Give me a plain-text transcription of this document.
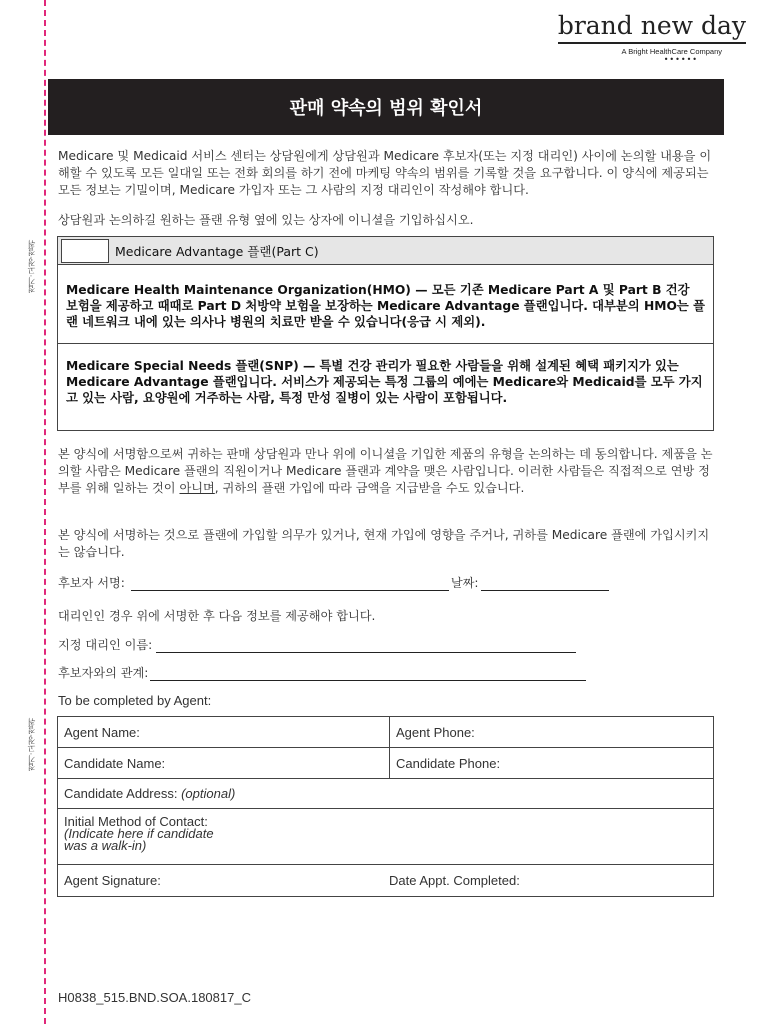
접기·고정·절취
접기·고정·절취
brand new day
A Bright HealthCare Company
••••••
판매 약속의 범위 확인서
Medicare 및 Medicaid 서비스 센터는 상담원에게 상담원과 Medicare 후보자(또는 지정 대리인) 사이에 논의할 내용을 이해할 수 있도록 모든 일대일 또는 전화 회의를 하기 전에 마케팅 약속의 범위를 기록할 것을 요구합니다. 이 양식에 제공되는 모든 정보는 기밀이며, Medicare 가입자 또는 그 사람의 지정 대리인이 작성해야 합니다.
상담원과 논의하길 원하는 플랜 유형 옆에 있는 상자에 이니셜을 기입하십시오.
Medicare Advantage 플랜(Part C)
Medicare Health Maintenance Organization(HMO) — 모든 기존 Medicare Part A 및 Part B 건강 보험을 제공하고 때때로 Part D 처방약 보험을 보장하는 Medicare Advantage 플랜입니다. 대부분의 HMO는 플랜 네트워크 내에 있는 의사나 병원의 치료만 받을 수 있습니다(응급 시 제외).
Medicare Special Needs 플랜(SNP) — 특별 건강 관리가 필요한 사람들을 위해 설계된 혜택 패키지가 있는 Medicare Advantage 플랜입니다. 서비스가 제공되는 특정 그룹의 예에는 Medicare와 Medicaid를 모두 가지고 있는 사람, 요양원에 거주하는 사람, 특정 만성 질병이 있는 사람이 포함됩니다.
본 양식에 서명함으로써 귀하는 판매 상담원과 만나 위에 이니셜을 기입한 제품의 유형을 논의하는 데 동의합니다. 제품을 논의할 사람은 Medicare 플랜의 직원이거나 Medicare 플랜과 계약을 맺은 사람입니다. 이러한 사람들은 직접적으로 연방 정부를 위해 일하는 것이 아니며, 귀하의 플랜 가입에 따라 금액을 지급받을 수도 있습니다.
본 양식에 서명하는 것으로 플랜에 가입할 의무가 있거나, 현재 가입에 영향을 주거나, 귀하를 Medicare 플랜에 가입시키지는 않습니다.
후보자 서명:	날짜:
대리인인 경우 위에 서명한 후 다음 정보를 제공해야 합니다.
지정 대리인 이름:
후보자와의 관계:
To be completed by Agent:
Agent Name:	Agent Phone:
Candidate Name:	Candidate Phone:
Candidate Address: (optional)	

Initial Method of Contact:
(Indicate here if candidate
was a walk-in)	

Agent Signature: Date Appt. Completed:	
H0838_515.BND.SOA.180817_C
